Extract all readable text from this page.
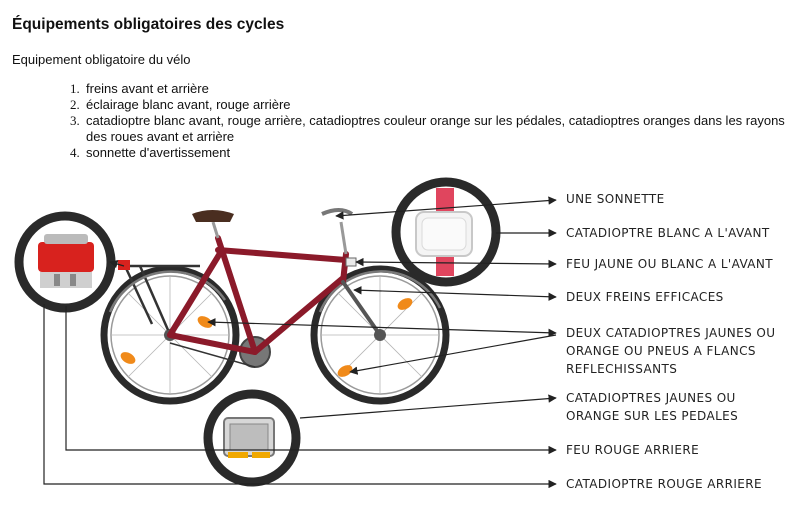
Équipements obligatoires des cycles
Equipement obligatoire du vélo
1. freins avant et arrière
2. éclairage blanc avant, rouge arrière
3. catadioptre blanc avant, rouge arrière, catadioptres couleur orange sur les pédales, catadioptres oranges dans les rayons des roues avant et arrière
4. sonnette d'avertissement
UNE SONNETTE
CATADIOPTRE BLANC A L'AVANT
FEU JAUNE OU BLANC A L'AVANT
DEUX FREINS EFFICACES
DEUX CATADIOPTRES JAUNES OU
ORANGE OU PNEUS A FLANCS
REFLECHISSANTS
CATADIOPTRES JAUNES OU
ORANGE SUR LES PEDALES
FEU ROUGE ARRIERE
CATADIOPTRE ROUGE ARRIERE
